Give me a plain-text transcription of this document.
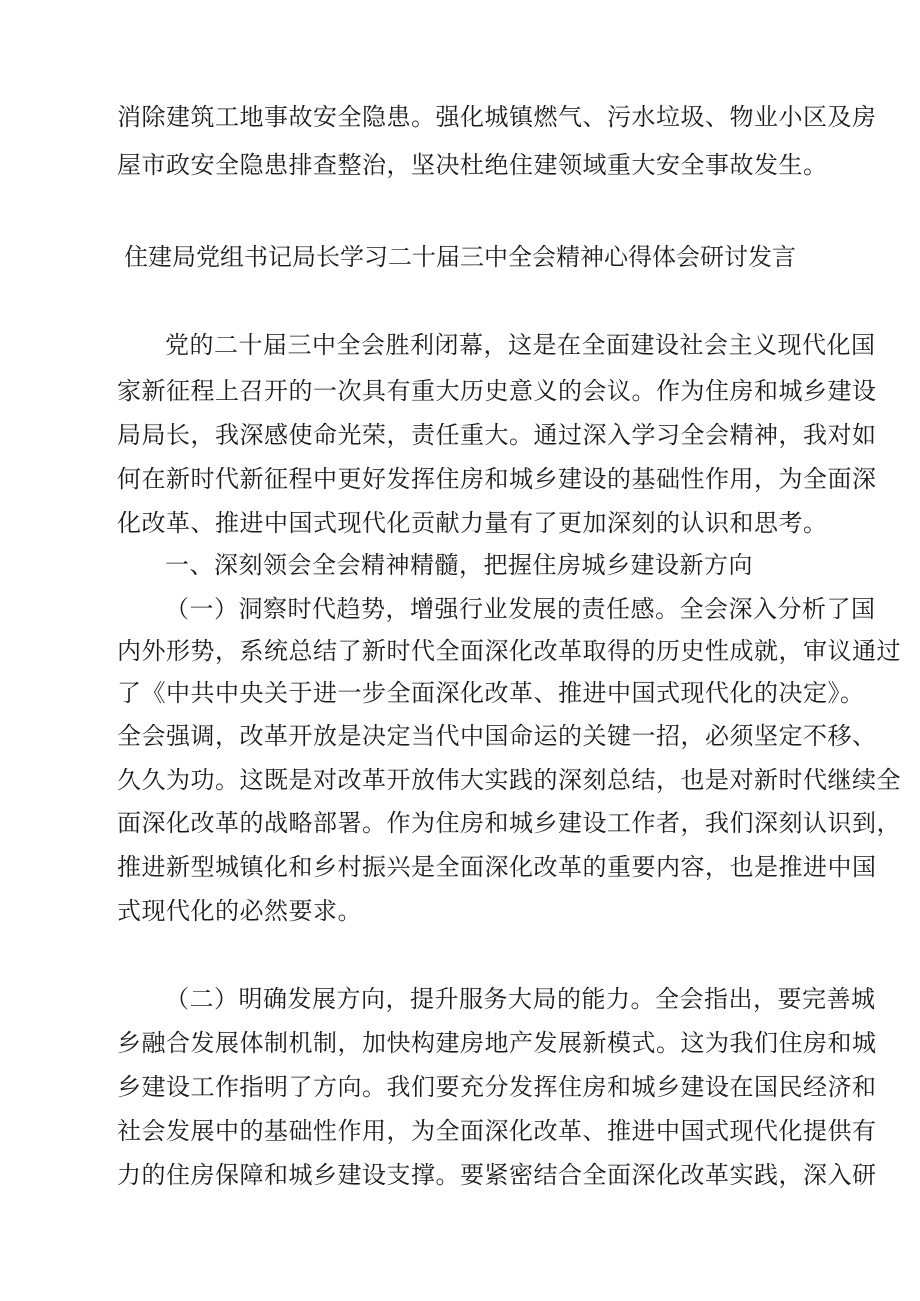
消除建筑工地事故安全隐患。强化城镇燃气、污水垃圾、物业小区及房
屋市政安全隐患排查整治，坚决杜绝住建领域重大安全事故发生。
住建局党组书记局长学习二十届三中全会精神心得体会研讨发言
党的二十届三中全会胜利闭幕，这是在全面建设社会主义现代化国
家新征程上召开的一次具有重大历史意义的会议。作为住房和城乡建设
局局长，我深感使命光荣，责任重大。通过深入学习全会精神，我对如
何在新时代新征程中更好发挥住房和城乡建设的基础性作用，为全面深
化改革、推进中国式现代化贡献力量有了更加深刻的认识和思考。
一、深刻领会全会精神精髓，把握住房城乡建设新方向
（一）洞察时代趋势，增强行业发展的责任感。全会深入分析了国
内外形势，系统总结了新时代全面深化改革取得的历史性成就，审议通过
了《中共中央关于进一步全面深化改革、推进中国式现代化的决定》。
全会强调，改革开放是决定当代中国命运的关键一招，必须坚定不移、
久久为功。这既是对改革开放伟大实践的深刻总结，也是对新时代继续全
面深化改革的战略部署。作为住房和城乡建设工作者，我们深刻认识到，
推进新型城镇化和乡村振兴是全面深化改革的重要内容，也是推进中国
式现代化的必然要求。
（二）明确发展方向，提升服务大局的能力。全会指出，要完善城
乡融合发展体制机制，加快构建房地产发展新模式。这为我们住房和城
乡建设工作指明了方向。我们要充分发挥住房和城乡建设在国民经济和
社会发展中的基础性作用，为全面深化改革、推进中国式现代化提供有
力的住房保障和城乡建设支撑。要紧密结合全面深化改革实践，深入研
